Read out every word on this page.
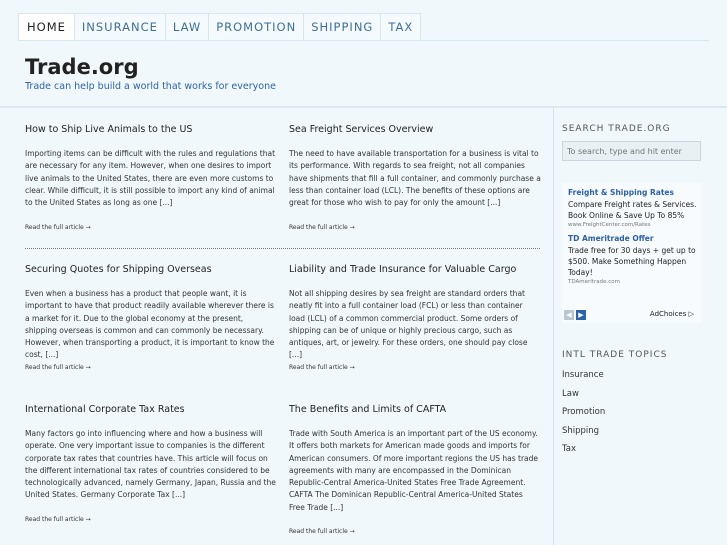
HOME	INSURANCE	LAW	PROMOTION	SHIPPING	TAX
Trade.org
Trade can help build a world that works for everyone
How to Ship Live Animals to the US

Importing items can be difficult with the rules and regulations that are necessary for any item. However, when one desires to import live animals to the United States, there are even more customs to clear. While difficult, it is still possible to import any kind of animal to the United States as long as one [...]

Read the full article →
Sea Freight Services Overview

The need to have available transportation for a business is vital to its performance. With regards to sea freight, not all companies have shipments that fill a full container, and commonly purchase a less than container load (LCL). The benefits of these options are great for those who wish to pay for only the amount [...]

Read the full article →
Securing Quotes for Shipping Overseas

Even when a business has a product that people want, it is important to have that product readily available wherever there is a market for it. Due to the global economy at the present, shipping overseas is common and can commonly be necessary. However, when transporting a product, it is important to know the cost, [...]

Read the full article →
Liability and Trade Insurance for Valuable Cargo

Not all shipping desires by sea freight are standard orders that neatly fit into a full container load (FCL) or less than container load (LCL) of a common commercial product. Some orders of shipping can be of unique or highly precious cargo, such as antiques, art, or jewelry. For these orders, one should pay close [...]

Read the full article →
International Corporate Tax Rates

Many factors go into influencing where and how a business will operate. One very important issue to companies is the different corporate tax rates that countries have. This article will focus on the different international tax rates of countries considered to be technologically advanced, namely Germany, Japan, Russia and the United States. Germany Corporate Tax [...]

Read the full article →
The Benefits and Limits of CAFTA

Trade with South America is an important part of the US economy. It offers both markets for American made goods and imports for American consumers. Of more important regions the US has trade agreements with many are encompassed in the Dominican Republic-Central America-United States Free Trade Agreement. CAFTA The Dominican Republic-Central America-United States Free Trade [...]

Read the full article →
SEARCH TRADE.ORG
To search, type and hit enter
Freight & Shipping Rates
Compare Freight rates & Services. Book Online & Save Up To 85%
www.FreightCenter.com/Rates
TD Ameritrade Offer
Trade free for 30 days + get up to $500. Make Something Happen Today!
TDAmeritrade.com
◀ ▶	AdChoices ▷
INTL TRADE TOPICS
Insurance
Law
Promotion
Shipping
Tax
